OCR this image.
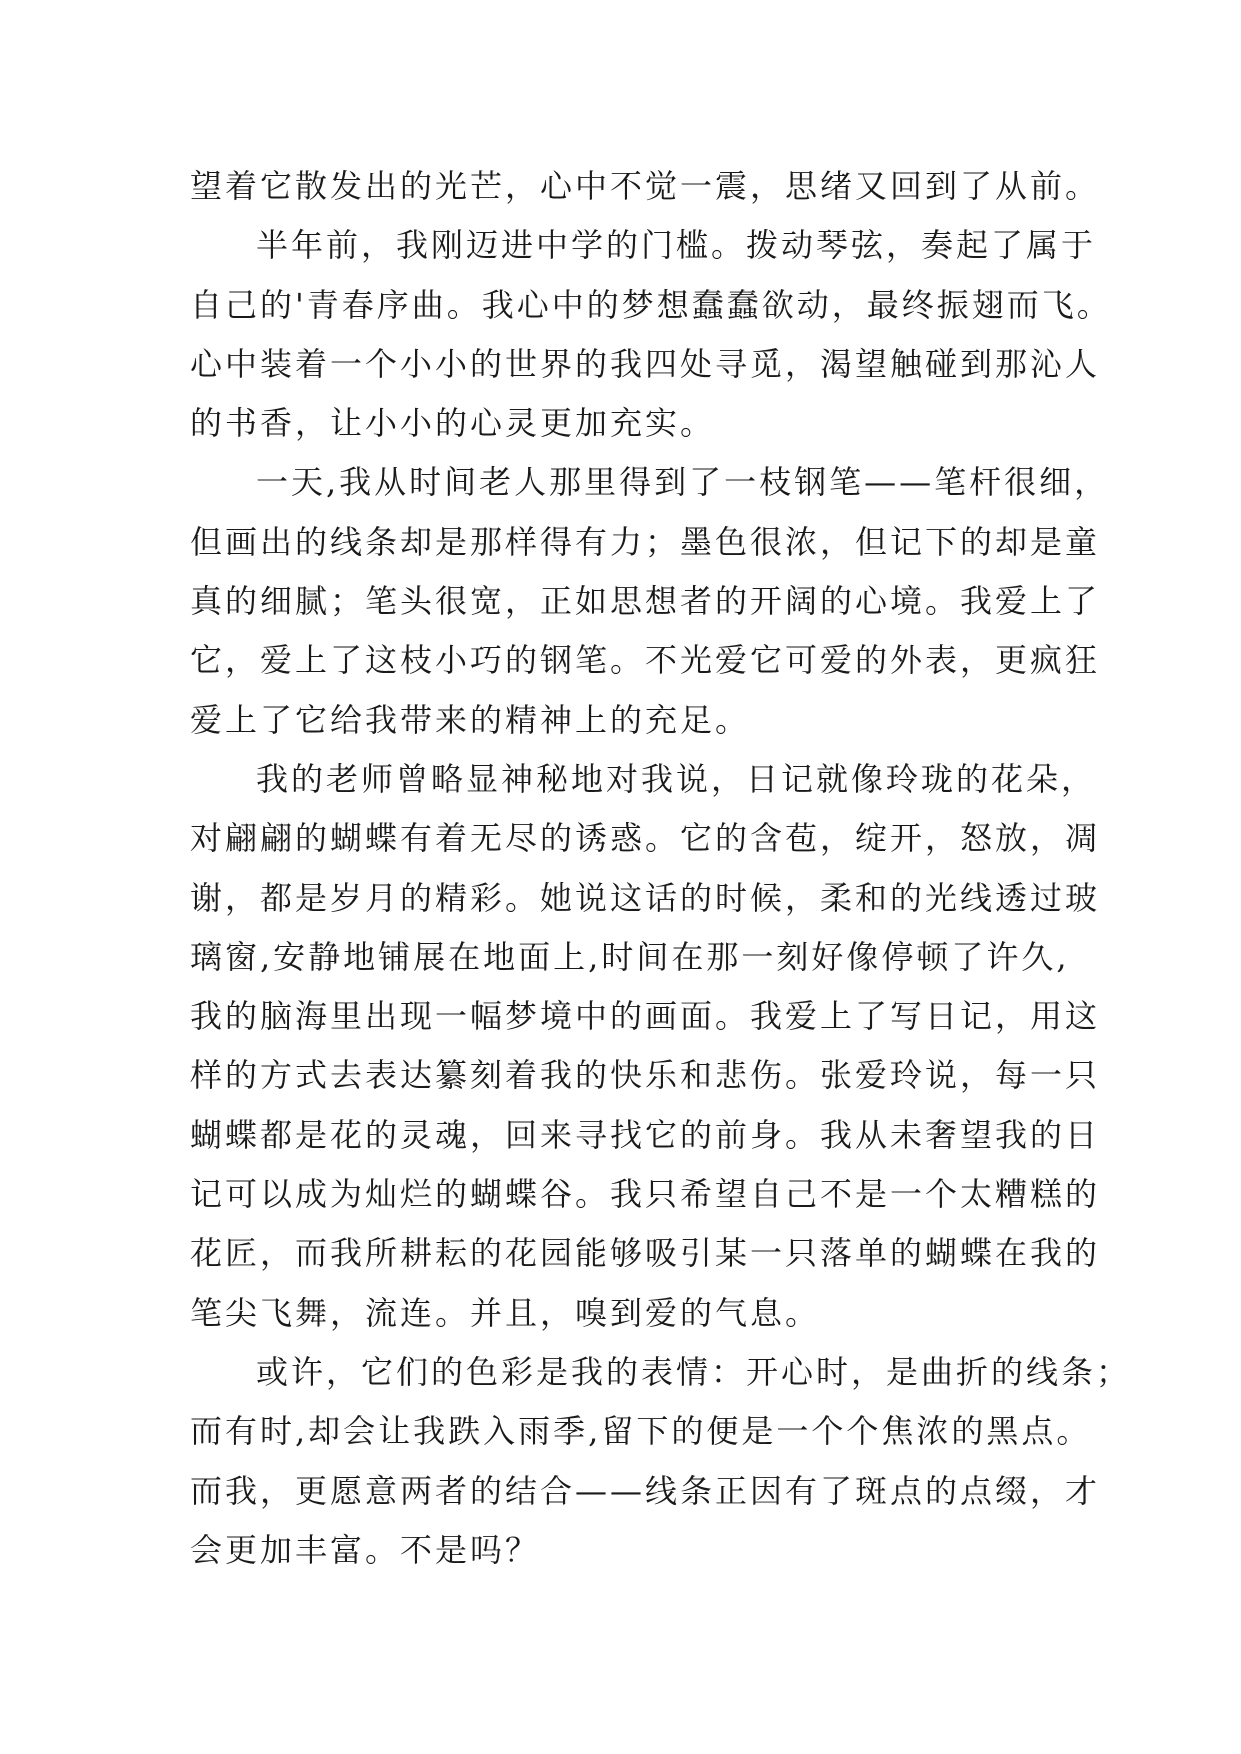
望着它散发出的光芒，心中不觉一震，思绪又回到了从前。
半年前，我刚迈进中学的门槛。拨动琴弦，奏起了属于
自己的'青春序曲。我心中的梦想蠢蠢欲动，最终振翅而飞。
心中装着一个小小的世界的我四处寻觅，渴望触碰到那沁人
的书香，让小小的心灵更加充实。
一天,我从时间老人那里得到了一枝钢笔——笔杆很细，
但画出的线条却是那样得有力；墨色很浓，但记下的却是童
真的细腻；笔头很宽，正如思想者的开阔的心境。我爱上了
它，爱上了这枝小巧的钢笔。不光爱它可爱的外表，更疯狂
爱上了它给我带来的精神上的充足。
我的老师曾略显神秘地对我说，日记就像玲珑的花朵，
对翩翩的蝴蝶有着无尽的诱惑。它的含苞，绽开，怒放，凋
谢，都是岁月的精彩。她说这话的时候，柔和的光线透过玻
璃窗,安静地铺展在地面上,时间在那一刻好像停顿了许久,
我的脑海里出现一幅梦境中的画面。我爱上了写日记，用这
样的方式去表达纂刻着我的快乐和悲伤。张爱玲说，每一只
蝴蝶都是花的灵魂，回来寻找它的前身。我从未奢望我的日
记可以成为灿烂的蝴蝶谷。我只希望自己不是一个太糟糕的
花匠，而我所耕耘的花园能够吸引某一只落单的蝴蝶在我的
笔尖飞舞，流连。并且，嗅到爱的气息。
或许，它们的色彩是我的表情：开心时，是曲折的线条；
而有时,却会让我跌入雨季,留下的便是一个个焦浓的黑点。
而我，更愿意两者的结合——线条正因有了斑点的点缀，才
会更加丰富。不是吗？
